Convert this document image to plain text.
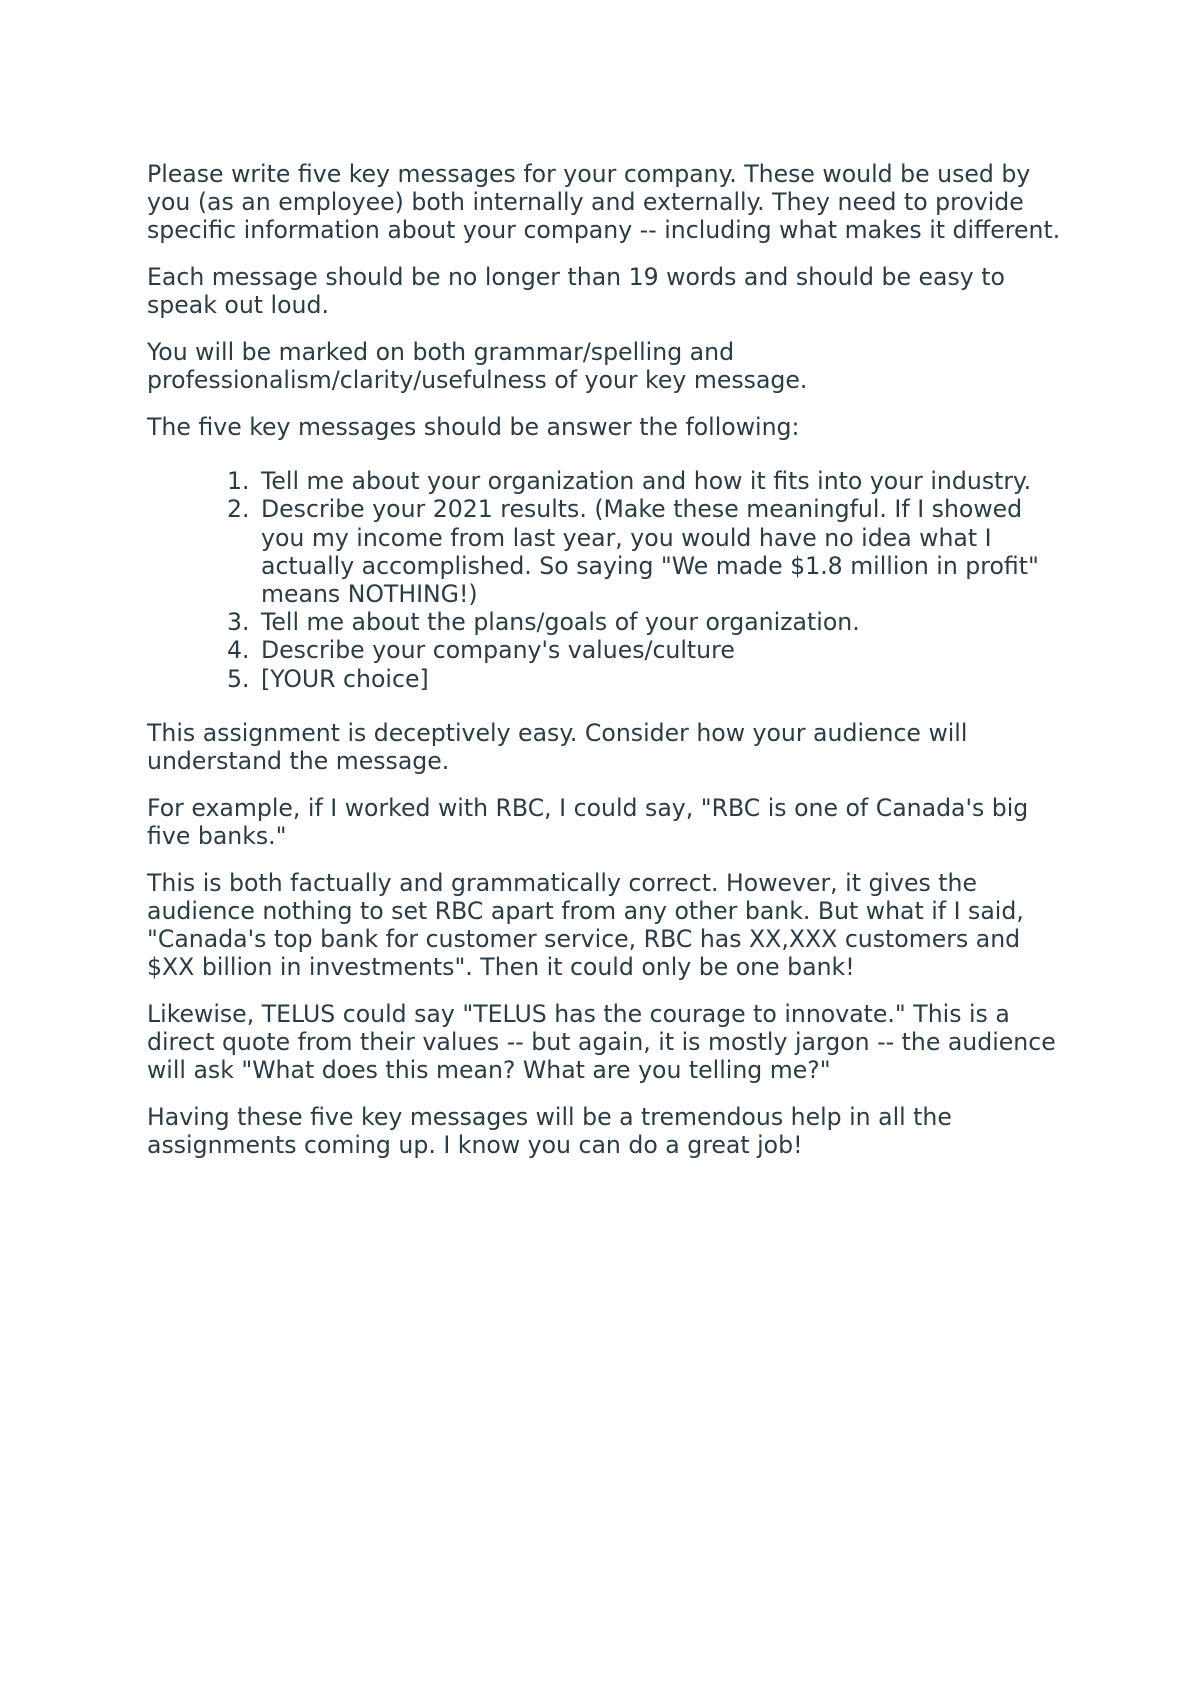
Please write five key messages for your company. These would be used by you (as an employee) both internally and externally. They need to provide specific information about your company -- including what makes it different.

Each message should be no longer than 19 words and should be easy to speak out loud.

You will be marked on both grammar/spelling and professionalism/clarity/usefulness of your key message.

The five key messages should be answer the following:

1. Tell me about your organization and how it fits into your industry.
2. Describe your 2021 results. (Make these meaningful. If I showed you my income from last year, you would have no idea what I actually accomplished. So saying "We made $1.8 million in profit" means NOTHING!)
3. Tell me about the plans/goals of your organization.
4. Describe your company's values/culture
5. [YOUR choice]

This assignment is deceptively easy. Consider how your audience will understand the message.

For example, if I worked with RBC, I could say, "RBC is one of Canada's big five banks."

This is both factually and grammatically correct. However, it gives the audience nothing to set RBC apart from any other bank. But what if I said, "Canada's top bank for customer service, RBC has XX,XXX customers and $XX billion in investments". Then it could only be one bank!

Likewise, TELUS could say "TELUS has the courage to innovate." This is a direct quote from their values -- but again, it is mostly jargon -- the audience will ask "What does this mean? What are you telling me?"

Having these five key messages will be a tremendous help in all the assignments coming up. I know you can do a great job!
